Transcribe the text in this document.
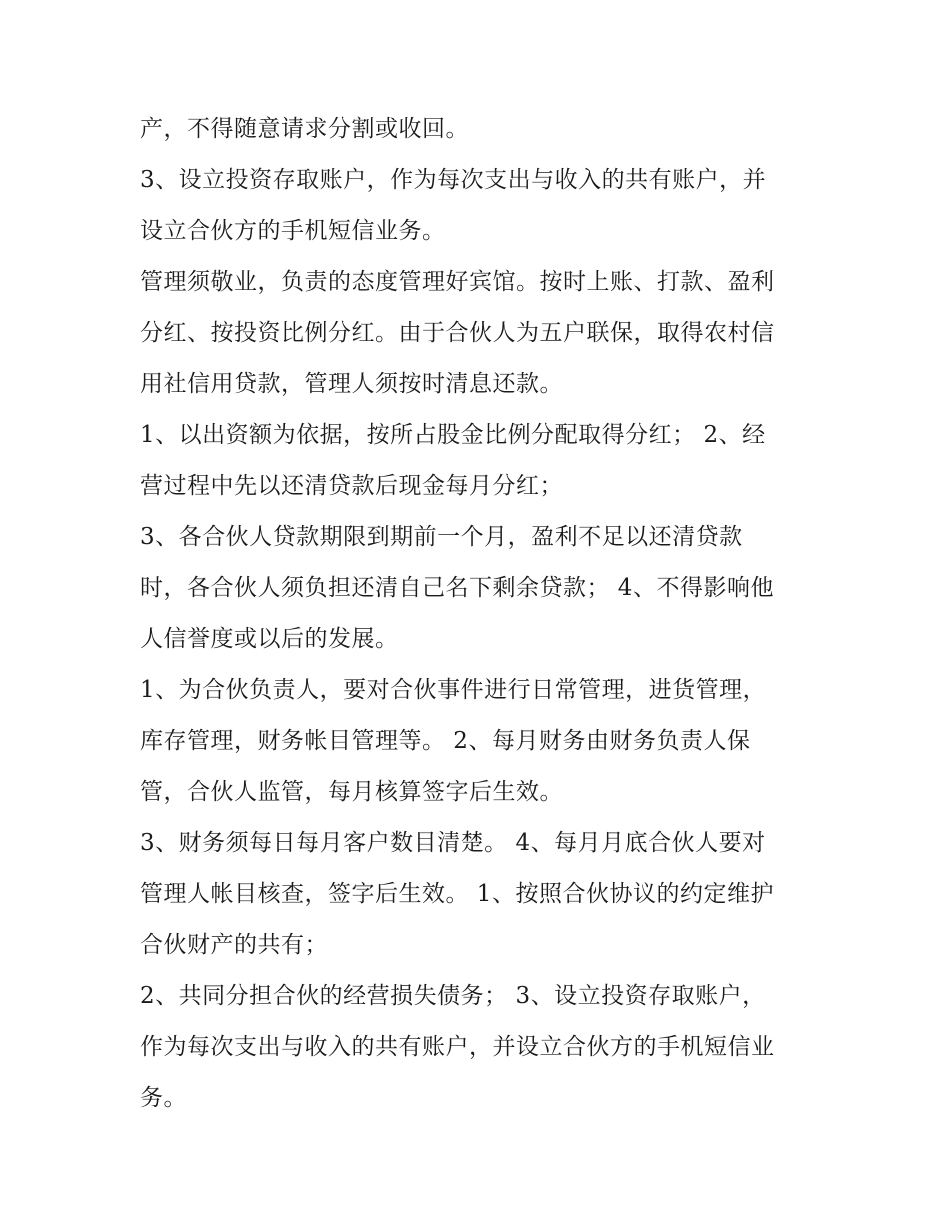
产，不得随意请求分割或收回。
3、设立投资存取账户，作为每次支出与收入的共有账户，并
设立合伙方的手机短信业务。
管理须敬业，负责的态度管理好宾馆。按时上账、打款、盈利
分红、按投资比例分红。由于合伙人为五户联保，取得农村信
用社信用贷款，管理人须按时清息还款。
1、以出资额为依据，按所占股金比例分配取得分红； 2、经
营过程中先以还清贷款后现金每月分红；
3、各合伙人贷款期限到期前一个月，盈利不足以还清贷款
时，各合伙人须负担还清自己名下剩余贷款； 4、不得影响他
人信誉度或以后的发展。
1、为合伙负责人，要对合伙事件进行日常管理，进货管理，
库存管理，财务帐目管理等。 2、每月财务由财务负责人保
管，合伙人监管，每月核算签字后生效。
3、财务须每日每月客户数目清楚。 4、每月月底合伙人要对
管理人帐目核查，签字后生效。 1、按照合伙协议的约定维护
合伙财产的共有；
2、共同分担合伙的经营损失债务； 3、设立投资存取账户，
作为每次支出与收入的共有账户，并设立合伙方的手机短信业
务。
